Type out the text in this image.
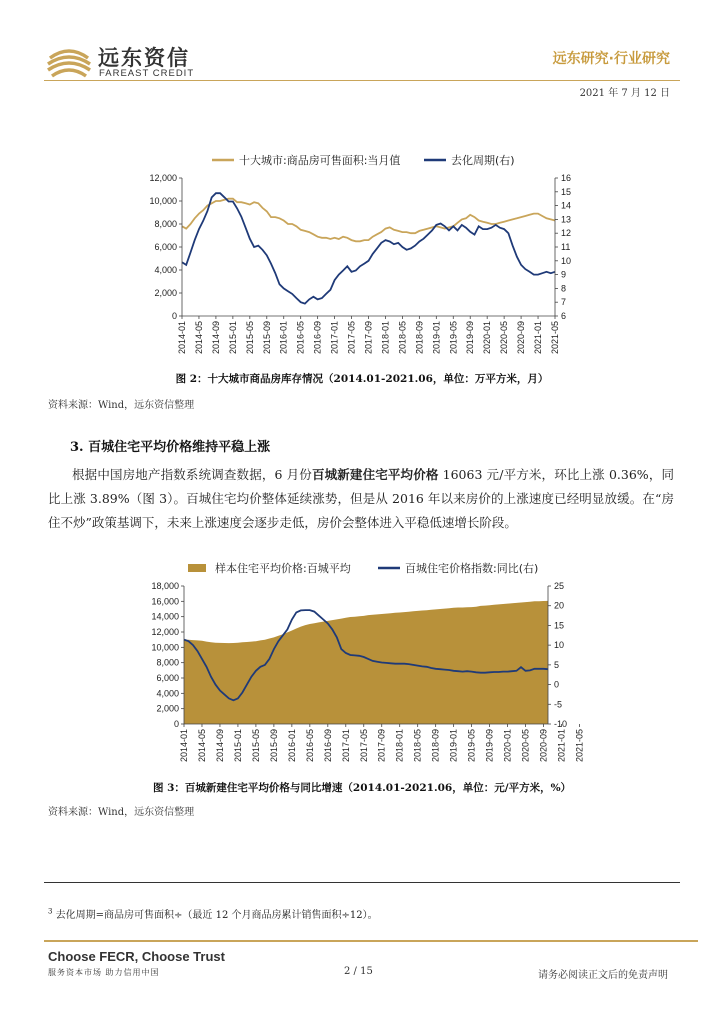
远东资信
FAREAST CREDIT
远东研究·行业研究
2021 年 7 月 12 日
十大城市:商品房可售面积:当月值	去化周期(右)
0
2,000
4,000
6,000
8,000
10,000
12,000
6
7
8
9
10
11
12
13
14
15
16
2014-01 2014-05 2014-09 2015-01 2015-05 2015-09 2016-01 2016-05 2016-09 2017-01 2017-05 2017-09 2018-01 2018-05 2018-09 2019-01 2019-05 2019-09 2020-01 2020-05 2020-09 2021-01 2021-05
图 2：十大城市商品房库存情况（2014.01-2021.06，单位：万平方米，月）
资料来源：Wind，远东资信整理
3. 百城住宅平均价格维持平稳上涨
根据中国房地产指数系统调查数据，6 月份百城新建住宅平均价格 16063 元/平方米，环比上涨 0.36%，同比上涨 3.89%（图 3）。百城住宅均价整体延续涨势，但是从 2016 年以来房价的上涨速度已经明显放缓。在“房住不炒”政策基调下，未来上涨速度会逐步走低，房价会整体进入平稳低速增长阶段。
样本住宅平均价格:百城平均	百城住宅价格指数:同比(右)
0
2,000
4,000
6,000
8,000
10,000
12,000
14,000
16,000
18,000
-10
-5
0
5
10
15
20
25
2014-01 2014-05 2014-09 2015-01 2015-05 2015-09 2016-01 2016-05 2016-09 2017-01 2017-05 2017-09 2018-01 2018-05 2018-09 2019-01 2019-05 2019-09 2020-01 2020-05 2020-09 2021-01 2021-05
图 3：百城新建住宅平均价格与同比增速（2014.01-2021.06，单位：元/平方米，%）
资料来源：Wind，远东资信整理
$^3$ 去化周期=商品房可售面积÷（最近 12 个月商品房累计销售面积÷12）。
Choose FECR, Choose Trust
服务资本市场 助力信用中国	2 / 15	请务必阅读正文后的免责声明
